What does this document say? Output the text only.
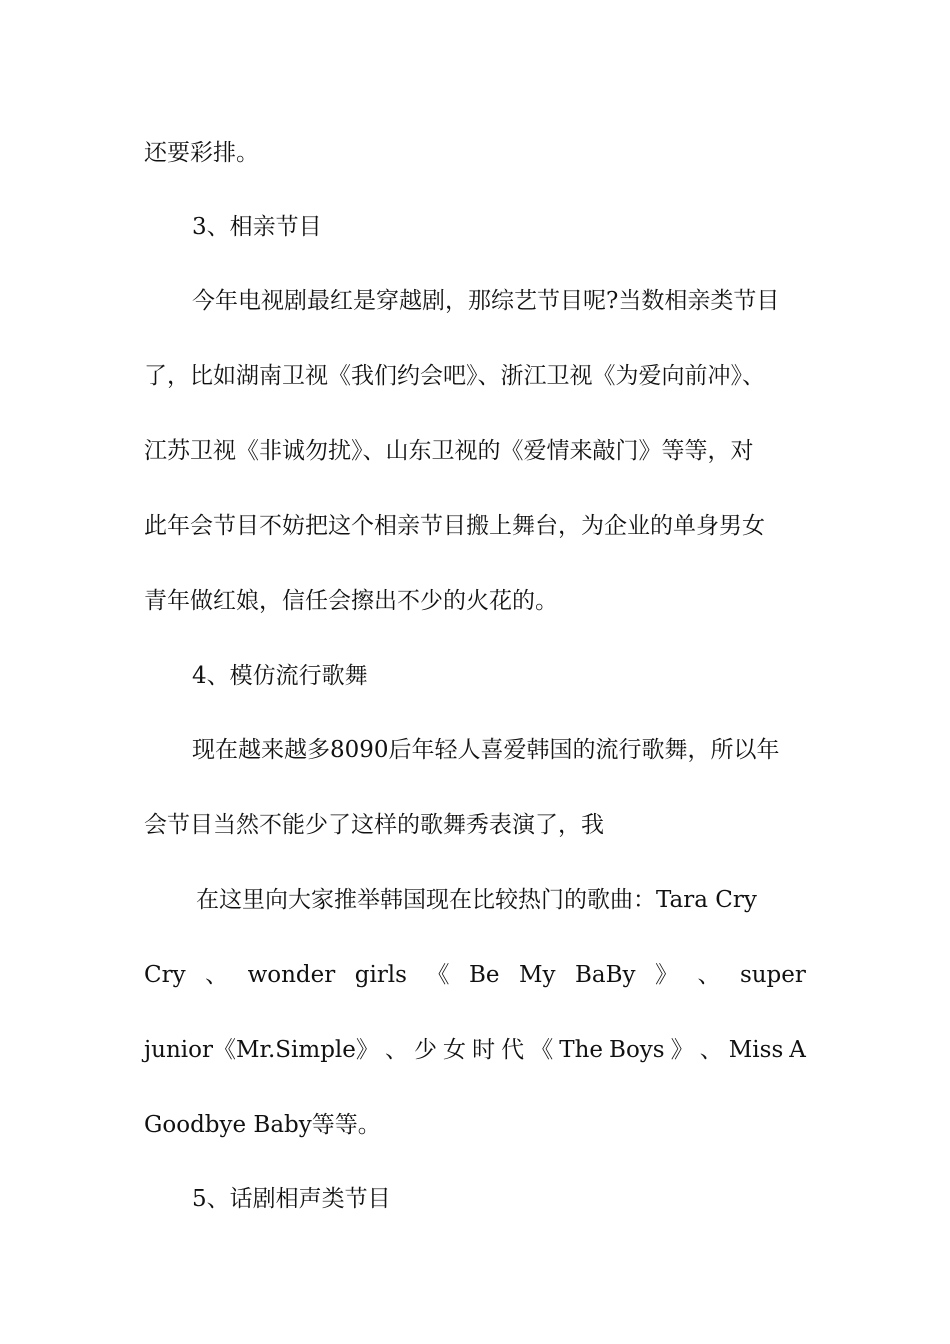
还要彩排。
3、相亲节目
今年电视剧最红是穿越剧，那综艺节目呢?当数相亲类节目
了，比如湖南卫视《我们约会吧》、浙江卫视《为爱向前冲》、
江苏卫视《非诚勿扰》、山东卫视的《爱情来敲门》等等，对
此年会节目不妨把这个相亲节目搬上舞台，为企业的单身男女
青年做红娘，信任会擦出不少的火花的。
4、模仿流行歌舞
现在越来越多8090后年轻人喜爱韩国的流行歌舞，所以年
会节目当然不能少了这样的歌舞秀表演了，我
在这里向大家推举韩国现在比较热门的歌曲：Tara Cry
Cry 、 wonder girls 《 Be My BaBy 》 、 super
junior《Mr.Simple》 、 少 女 时 代 《 The Boys 》 、 Miss A
Goodbye Baby等等。
5、话剧相声类节目
